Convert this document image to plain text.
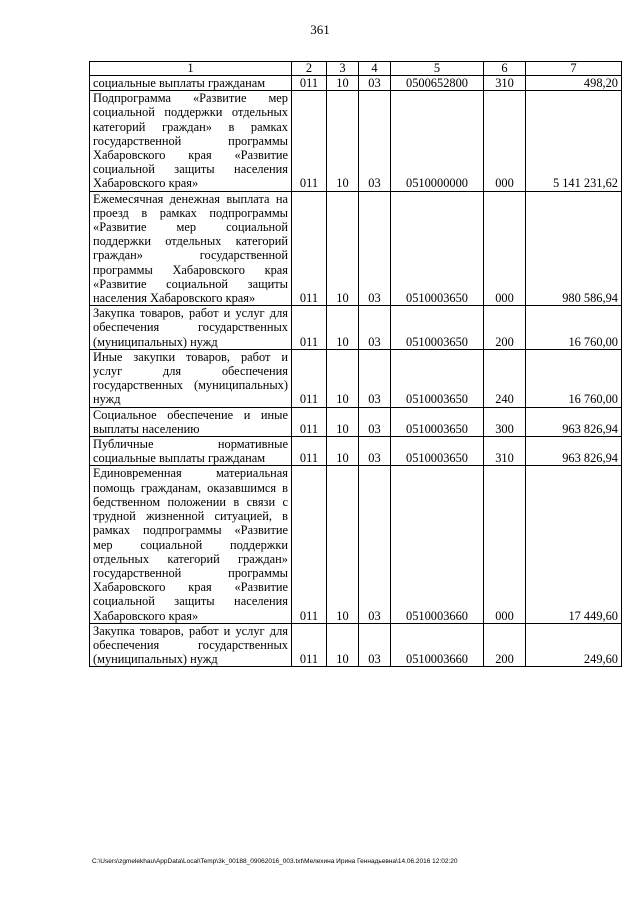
361
1	2	3	4	5	6	7
социальные выплаты гражданам	011	10	03	0500652800	310	498,20
Подпрограмма «Развитие мер социальной поддержки отдельных категорий граждан» в рамках государственной программы Хабаровского края «Развитие социальной защиты населения Хабаровского края»	011	10	03	0510000000	000	5 141 231,62
Ежемесячная денежная выплата на проезд в рамках подпрограммы «Развитие мер социальной поддержки отдельных категорий граждан» государственной программы Хабаровского края «Развитие социальной защиты населения Хабаровского края»	011	10	03	0510003650	000	980 586,94
Закупка товаров, работ и услуг для обеспечения государственных (муниципальных) нужд	011	10	03	0510003650	200	16 760,00
Иные закупки товаров, работ и услуг для обеспечения государственных (муниципальных) нужд	011	10	03	0510003650	240	16 760,00
Социальное обеспечение и иные выплаты населению	011	10	03	0510003650	300	963 826,94
Публичные нормативные социальные выплаты гражданам	011	10	03	0510003650	310	963 826,94
Единовременная материальная помощь гражданам, оказавшимся в бедственном положении в связи с трудной жизненной ситуацией, в рамках подпрограммы «Развитие мер социальной поддержки отдельных категорий граждан» государственной программы Хабаровского края «Развитие социальной защиты населения Хабаровского края»	011	10	03	0510003660	000	17 449,60
Закупка товаров, работ и услуг для обеспечения государственных (муниципальных) нужд	011	10	03	0510003660	200	249,60
C:\Users\zgmelekhau\AppData\Local\Temp\3k_00188_09062016_003.txt\Мелехина Ирина Геннадьевна\14.06.2016 12:02:20
